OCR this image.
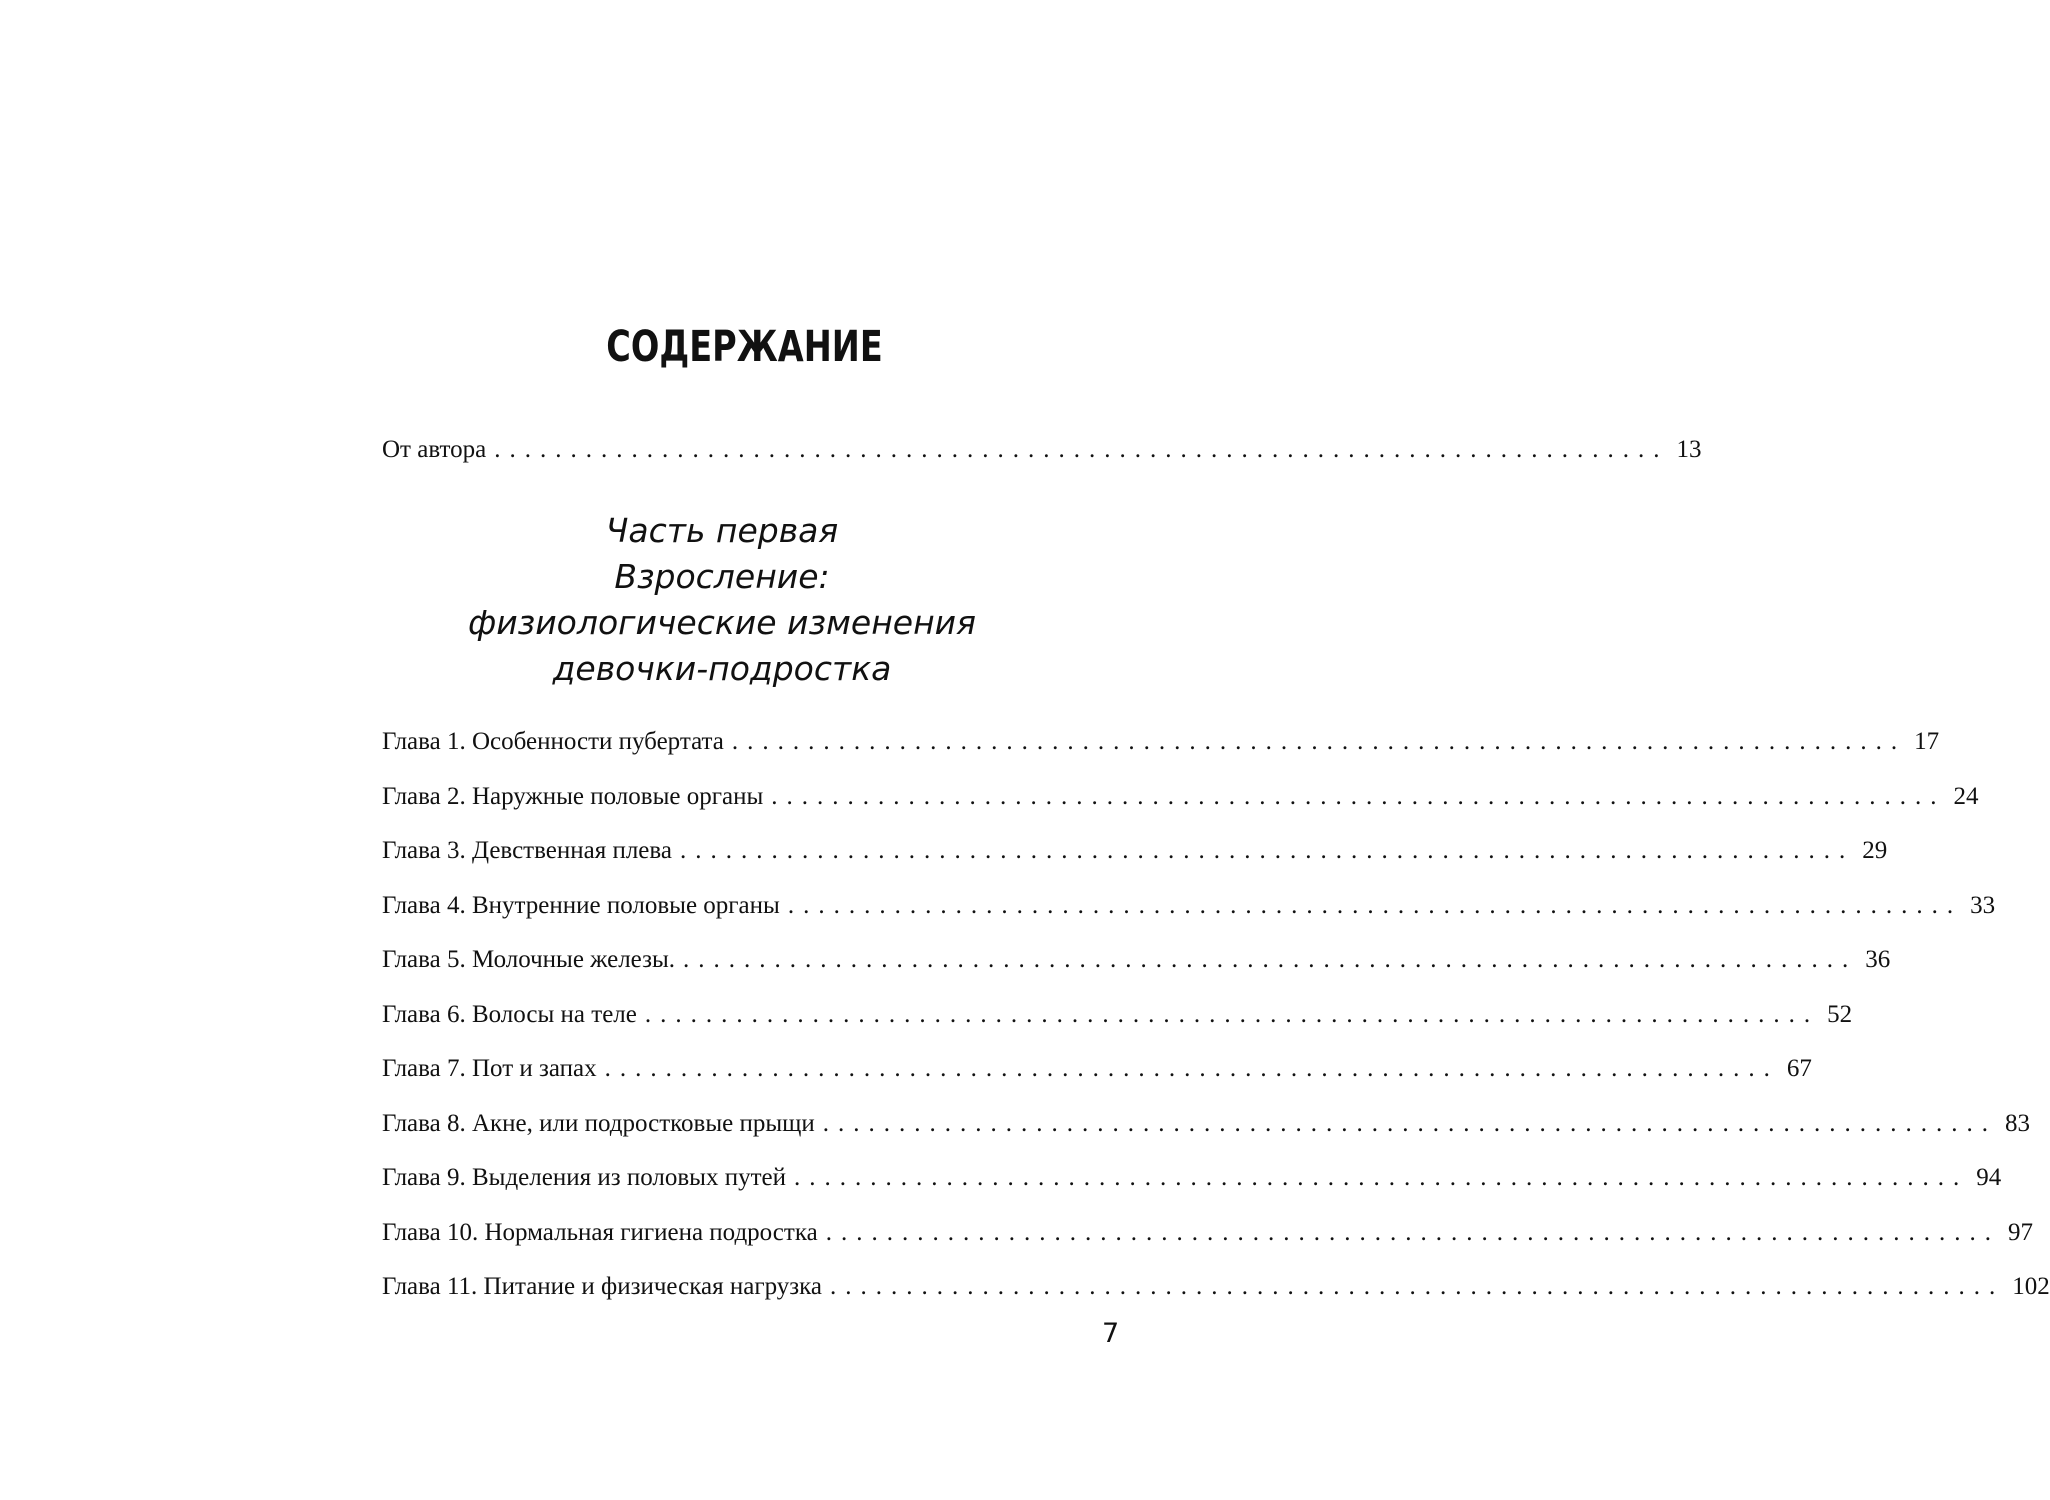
СОДЕРЖАНИЕ
От автора ............................................................................. 13
Часть первая
Взросление:
физиологические изменения
девочки-подростка
Глава 1. Особенности пубертата ............................................................................. 17
Глава 2. Наружные половые органы ............................................................................. 24
Глава 3. Девственная плева ............................................................................. 29
Глава 4. Внутренние половые органы ............................................................................. 33
Глава 5. Молочные железы. ............................................................................. 36
Глава 6. Волосы на теле ............................................................................. 52
Глава 7. Пот и запах ............................................................................. 67
Глава 8. Акне, или подростковые прыщи ............................................................................. 83
Глава 9. Выделения из половых путей ............................................................................. 94
Глава 10. Нормальная гигиена подростка ............................................................................. 97
Глава 11. Питание и физическая нагрузка ............................................................................. 102
7
